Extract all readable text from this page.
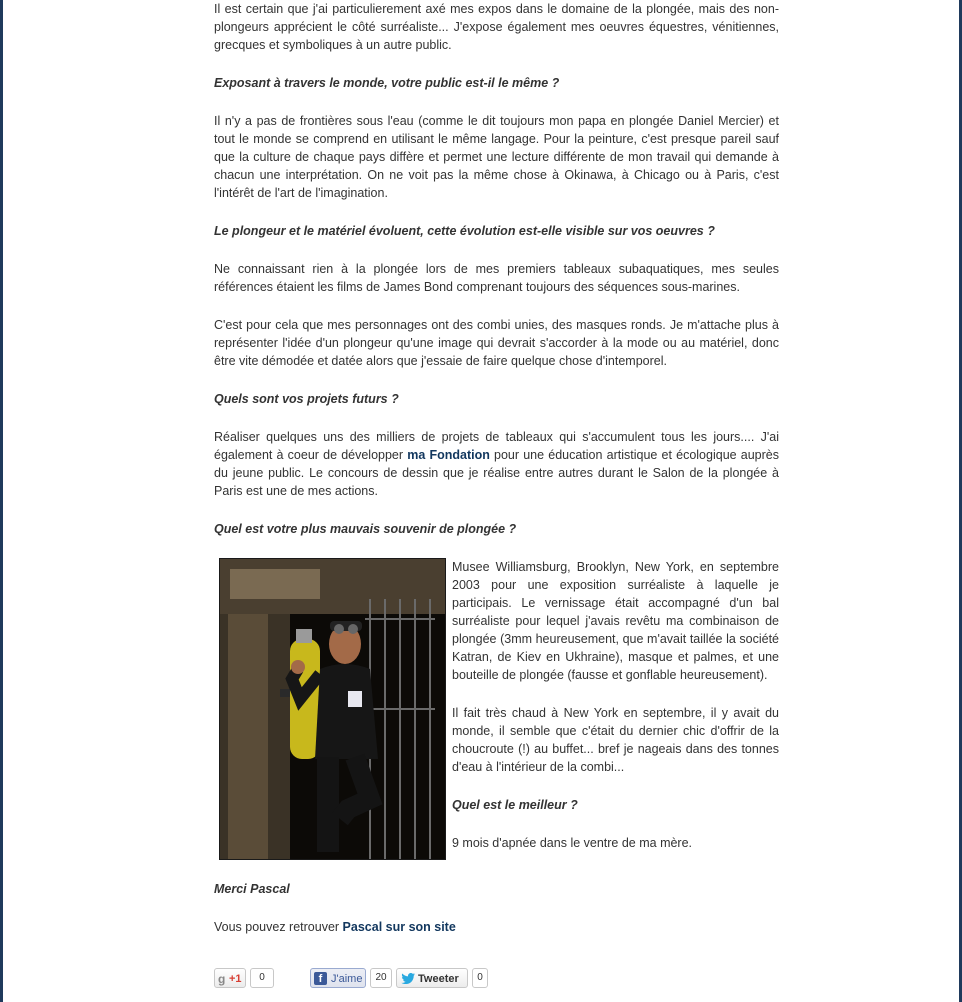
Il est certain que j'ai particulierement axé mes expos dans le domaine de la plongée, mais des non-plongeurs apprécient le côté surréaliste... J'expose également mes oeuvres équestres, vénitiennes, grecques et symboliques à un autre public.

Exposant à travers le monde, votre public est-il le même ?

Il n'y a pas de frontières sous l'eau (comme le dit toujours mon papa en plongée Daniel Mercier) et tout le monde se comprend en utilisant le même langage. Pour la peinture, c'est presque pareil sauf que la culture de chaque pays diffère et permet une lecture différente de mon travail qui demande à chacun une interprétation. On ne voit pas la même chose à Okinawa, à Chicago ou à Paris, c'est l'intérêt de l'art de l'imagination.

Le plongeur et le matériel évoluent, cette évolution est-elle visible sur vos oeuvres ?

Ne connaissant rien à la plongée lors de mes premiers tableaux subaquatiques, mes seules références étaient les films de James Bond comprenant toujours des séquences sous-marines.

C'est pour cela que mes personnages ont des combi unies, des masques ronds. Je m'attache plus à représenter l'idée d'un plongeur qu'une image qui devrait s'accorder à la mode ou au matériel, donc être vite démodée et datée alors que j'essaie de faire quelque chose d'intemporel.

Quels sont vos projets futurs ?

Réaliser quelques uns des milliers de projets de tableaux qui s'accumulent tous les jours.... J'ai également à coeur de développer ma Fondation pour une éducation artistique et écologique auprès du jeune public. Le concours de dessin que je réalise entre autres durant le Salon de la plongée à Paris est une de mes actions.

Quel est votre plus mauvais souvenir de plongée ?

Musee Williamsburg, Brooklyn, New York, en septembre 2003 pour une exposition surréaliste à laquelle je participais. Le vernissage était accompagné d'un bal surréaliste pour lequel j'avais revêtu ma combinaison de plongée (3mm heureusement, que m'avait taillée la société Katran, de Kiev en Ukhraine), masque et palmes, et une bouteille de plongée (fausse et gonflable heureusement).

Il fait très chaud à New York en septembre, il y avait du monde, il semble que c'était du dernier chic d'offrir de la choucroute (!) au buffet... bref je nageais dans des tonnes d'eau à l'intérieur de la combi...

Quel est le meilleur ?

9 mois d'apnée dans le ventre de ma mère.

Merci Pascal

Vous pouvez retrouver Pascal sur son site

g +1	0	f J'aime	20	Tweeter	0
